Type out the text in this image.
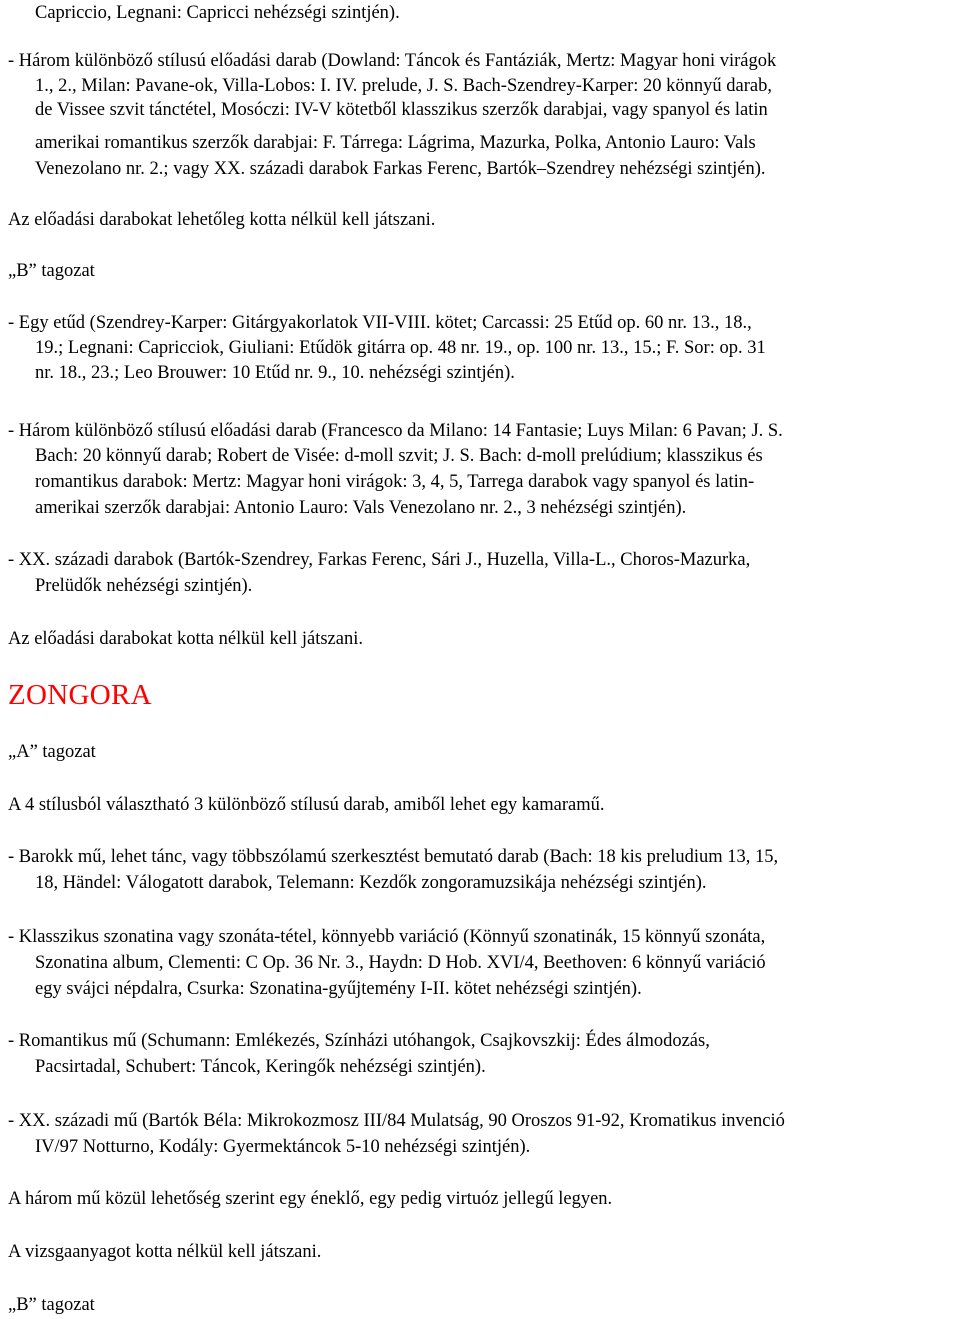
Capriccio, Legnani: Capricci nehézségi szintjén).
- Három különböző stílusú előadási darab (Dowland: Táncok és Fantáziák, Mertz: Magyar honi virágok
1., 2., Milan: Pavane-ok, Villa-Lobos: I. IV. prelude, J. S. Bach-Szendrey-Karper: 20 könnyű darab,
de Vissee szvit tánctétel, Mosóczi: IV-V kötetből klasszikus szerzők darabjai, vagy spanyol és latin
amerikai romantikus szerzők darabjai: F. Tárrega: Lágrima, Mazurka, Polka, Antonio Lauro: Vals
Venezolano nr. 2.; vagy XX. századi darabok Farkas Ferenc, Bartók–Szendrey nehézségi szintjén).
Az előadási darabokat lehetőleg kotta nélkül kell játszani.
„B” tagozat
- Egy etűd (Szendrey-Karper: Gitárgyakorlatok VII-VIII. kötet; Carcassi: 25 Etűd op. 60 nr. 13., 18.,
19.; Legnani: Capricciok, Giuliani: Etűdök gitárra op. 48 nr. 19., op. 100 nr. 13., 15.; F. Sor: op. 31
nr. 18., 23.; Leo Brouwer: 10 Etűd nr. 9., 10. nehézségi szintjén).
- Három különböző stílusú előadási darab (Francesco da Milano: 14 Fantasie; Luys Milan: 6 Pavan; J. S.
Bach: 20 könnyű darab; Robert de Visée: d-moll szvit; J. S. Bach: d-moll prelúdium; klasszikus és
romantikus darabok: Mertz: Magyar honi virágok: 3, 4, 5, Tarrega darabok vagy spanyol és latin-
amerikai szerzők darabjai: Antonio Lauro: Vals Venezolano nr. 2., 3 nehézségi szintjén).
- XX. századi darabok (Bartók-Szendrey, Farkas Ferenc, Sári J., Huzella, Villa-L., Choros-Mazurka,
Prelüdők nehézségi szintjén).
Az előadási darabokat kotta nélkül kell játszani.
ZONGORA
„A” tagozat
A 4 stílusból választható 3 különböző stílusú darab, amiből lehet egy kamaramű.
- Barokk mű, lehet tánc, vagy többszólamú szerkesztést bemutató darab (Bach: 18 kis preludium 13, 15,
18, Händel: Válogatott darabok, Telemann: Kezdők zongoramuzsikája nehézségi szintjén).
- Klasszikus szonatina vagy szonáta-tétel, könnyebb variáció (Könnyű szonatinák, 15 könnyű szonáta,
Szonatina album, Clementi: C Op. 36 Nr. 3., Haydn: D Hob. XVI/4, Beethoven: 6 könnyű variáció
egy svájci népdalra, Csurka: Szonatina-gyűjtemény I-II. kötet nehézségi szintjén).
- Romantikus mű (Schumann: Emlékezés, Színházi utóhangok, Csajkovszkij: Édes álmodozás,
Pacsirtadal, Schubert: Táncok, Keringők nehézségi szintjén).
- XX. századi mű (Bartók Béla: Mikrokozmosz III/84 Mulatság, 90 Oroszos 91-92, Kromatikus invenció
IV/97 Notturno, Kodály: Gyermektáncok 5-10 nehézségi szintjén).
A három mű közül lehetőség szerint egy éneklő, egy pedig virtuóz jellegű legyen.
A vizsgaanyagot kotta nélkül kell játszani.
„B” tagozat
